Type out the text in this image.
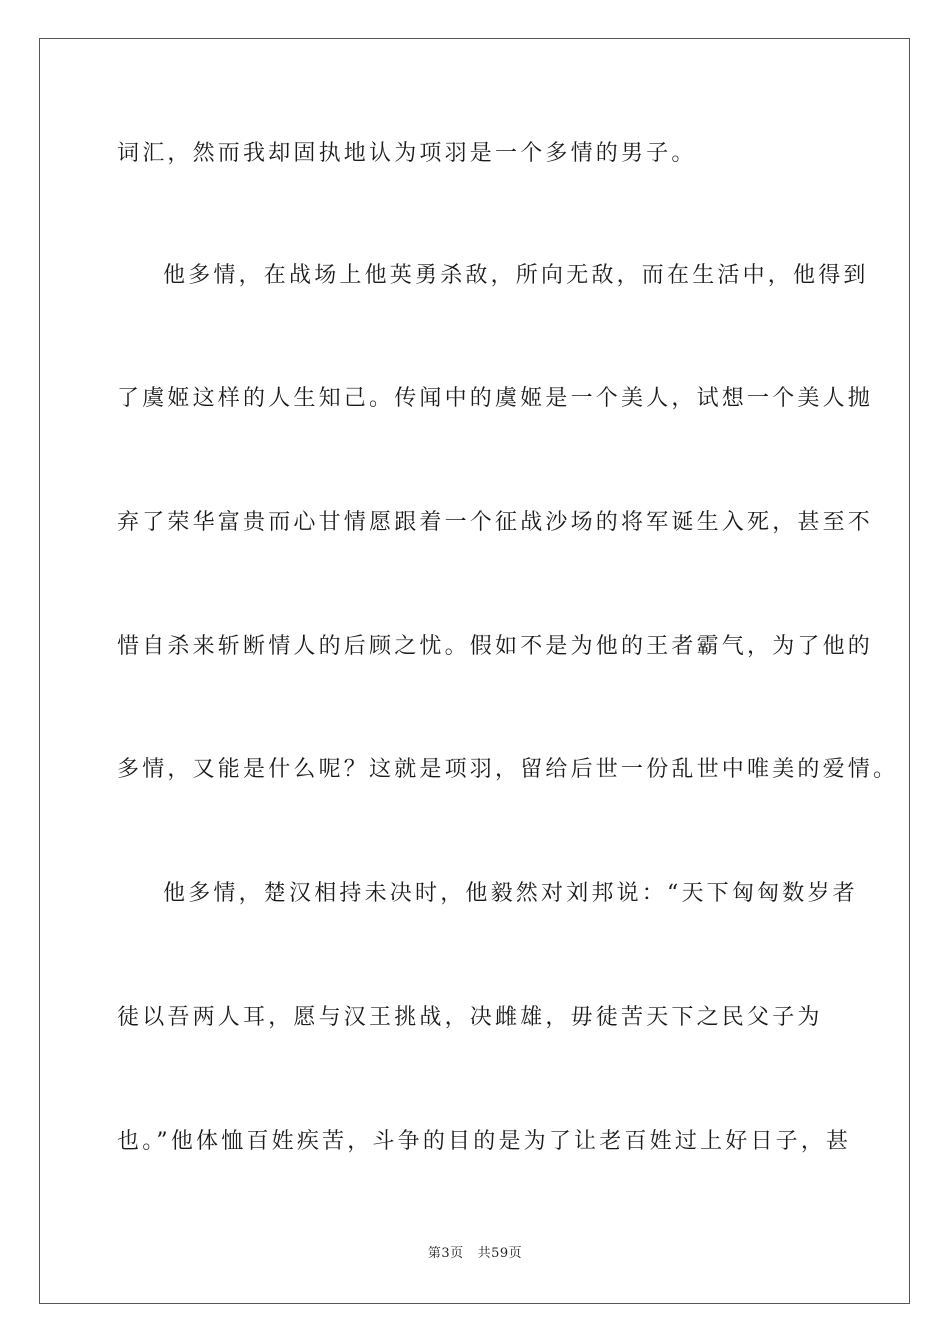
词汇，然而我却固执地认为项羽是一个多情的男子。
他多情，在战场上他英勇杀敌，所向无敌，而在生活中，他得到
了虞姬这样的人生知己。传闻中的虞姬是一个美人，试想一个美人抛
弃了荣华富贵而心甘情愿跟着一个征战沙场的将军诞生入死，甚至不
惜自杀来斩断情人的后顾之忧。假如不是为他的王者霸气，为了他的
多情，又能是什么呢？这就是项羽，留给后世一份乱世中唯美的爱情。
他多情，楚汉相持未决时，他毅然对刘邦说：“天下匈匈数岁者
徒以吾两人耳，愿与汉王挑战，决雌雄，毋徒苦天下之民父子为
也。”他体恤百姓疾苦，斗争的目的是为了让老百姓过上好日子，甚
第3页 共59页
